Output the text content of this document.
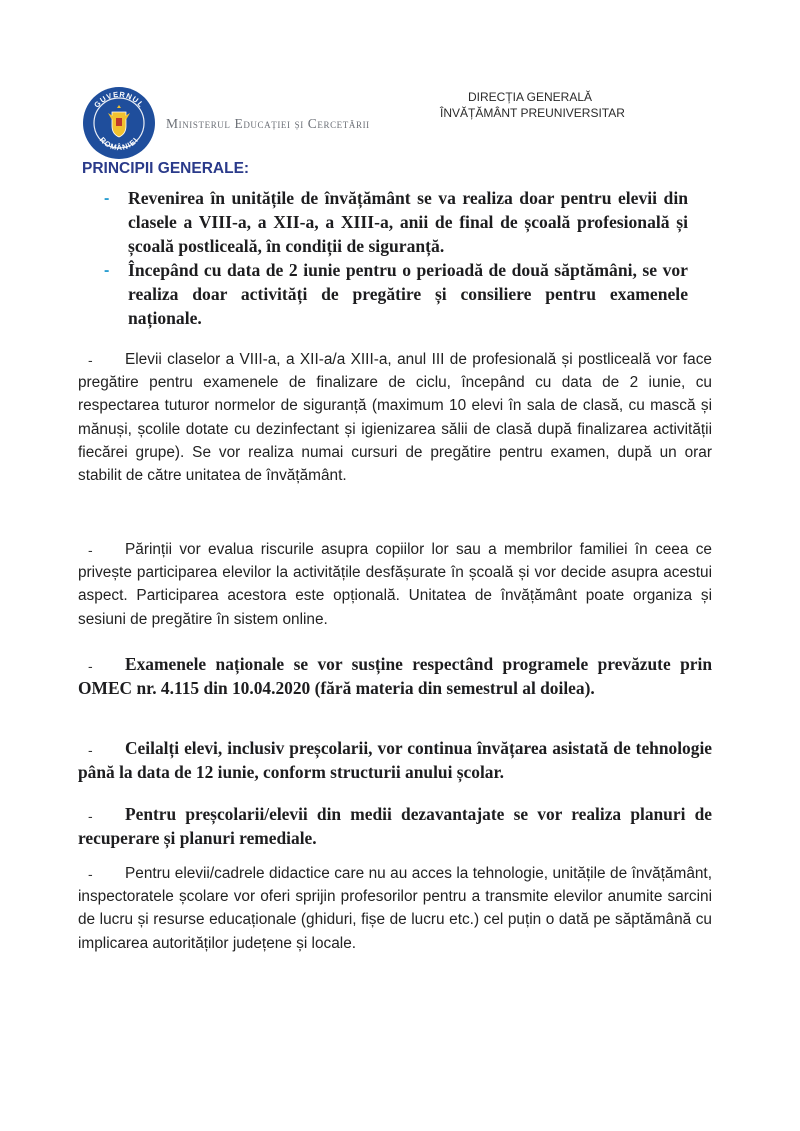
GUVERNUL
ROMÂNIEI
Ministerul Educației și Cercetării
DIRECȚIA GENERALĂ
ÎNVĂȚĂMÂNT PREUNIVERSITAR
PRINCIPII GENERALE:
- Revenirea în unitățile de învățământ se va realiza doar pentru elevii din clasele a VIII-a, a XII-a, a XIII-a, anii de final de școală profesională și școală postliceală, în condiții de siguranță.
- Începând cu data de 2 iunie pentru o perioadă de două săptămâni, se vor realiza doar activități de pregătire și consiliere pentru examenele naționale.
-	Elevii claselor a VIII-a, a XII-a/a XIII-a, anul III de profesională și postliceală vor face pregătire pentru examenele de finalizare de ciclu, începând cu data de 2 iunie, cu respectarea tuturor normelor de siguranță (maximum 10 elevi în sala de clasă, cu mască și mănuși, școlile dotate cu dezinfectant și igienizarea sălii de clasă după finalizarea activității fiecărei grupe). Se vor realiza numai cursuri de pregătire pentru examen, după un orar stabilit de către unitatea de învățământ.
-	Părinții vor evalua riscurile asupra copiilor lor sau a membrilor familiei în ceea ce privește participarea elevilor la activitățile desfășurate în școală și vor decide asupra acestui aspect. Participarea acestora este opțională. Unitatea de învățământ poate organiza și sesiuni de pregătire în sistem online.
-	Examenele naționale se vor susține respectând programele prevăzute prin OMEC nr. 4.115 din 10.04.2020 (fără materia din semestrul al doilea).
-	Ceilalți elevi, inclusiv preșcolarii, vor continua învățarea asistată de tehnologie până la data de 12 iunie, conform structurii anului școlar.
-	Pentru preșcolarii/elevii din medii dezavantajate se vor realiza planuri de recuperare și planuri remediale.
-	Pentru elevii/cadrele didactice care nu au acces la tehnologie, unitățile de învățământ, inspectoratele școlare vor oferi sprijin profesorilor pentru a transmite elevilor anumite sarcini de lucru și resurse educaționale (ghiduri, fișe de lucru etc.) cel puțin o dată pe săptămână cu implicarea autorităților județene și locale.
